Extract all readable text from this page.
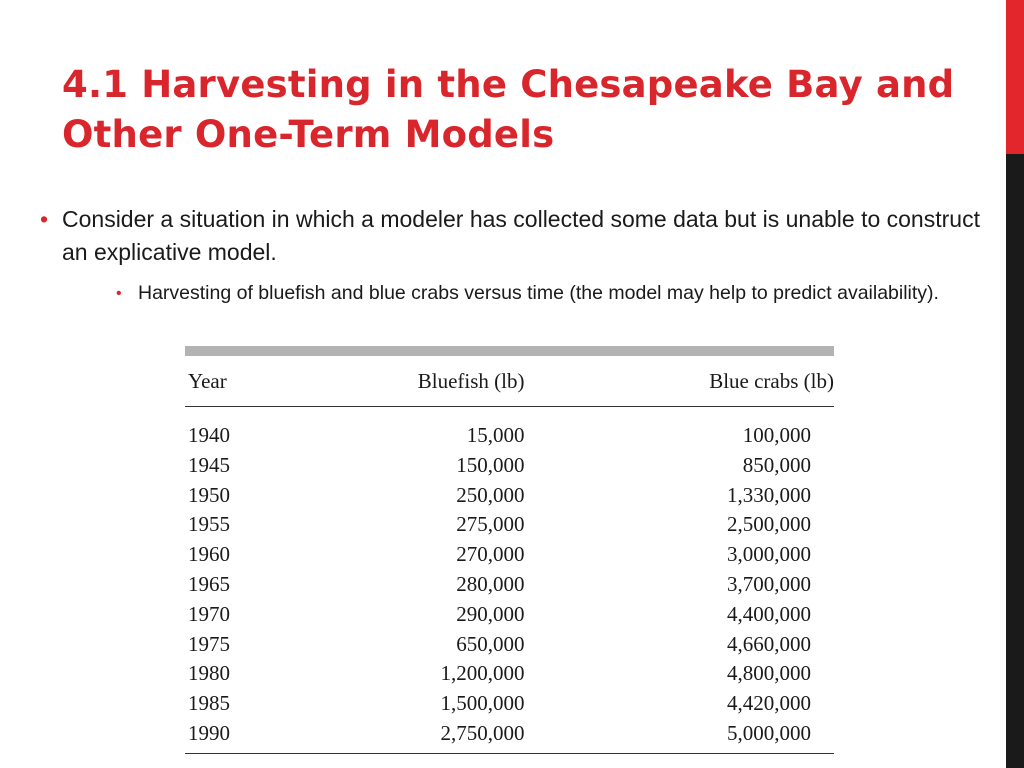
4.1 Harvesting in the Chesapeake Bay and Other One-Term Models
• Consider a situation in which a modeler has collected some data but is unable to construct an explicative model.
• Harvesting of bluefish and blue crabs versus time (the model may help to predict availability).
Year	Bluefish (lb)	Blue crabs (lb)
1940	15,000	100,000
1945	150,000	850,000
1950	250,000	1,330,000
1955	275,000	2,500,000
1960	270,000	3,000,000
1965	280,000	3,700,000
1970	290,000	4,400,000
1975	650,000	4,660,000
1980	1,200,000	4,800,000
1985	1,500,000	4,420,000
1990	2,750,000	5,000,000
